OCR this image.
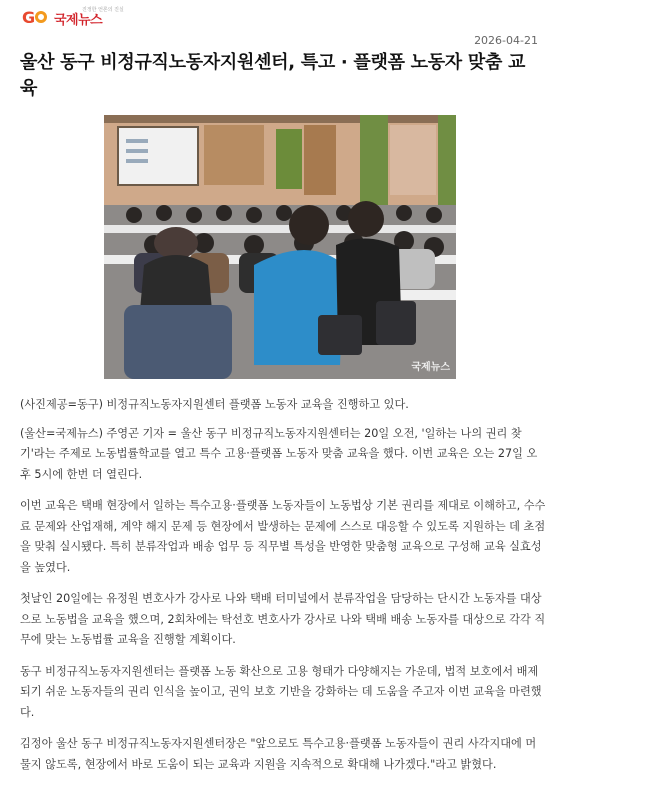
G 국제뉴스
진정한 언론의 진실
2026-04-21
울산 동구 비정규직노동자지원센터, 특고 · 플랫폼 노동자 맞춤 교육
국제뉴스

(사진제공=동구) 비정규직노동자지원센터 플랫폼 노동자 교육을 진행하고 있다.

(울산=국제뉴스) 주영곤 기자 = 울산 동구 비정규직노동자지원센터는 20일 오전, '일하는 나의 권리 찾기'라는 주제로 노동법률학교를 열고 특수 고용·플랫폼 노동자 맞춤 교육을 했다. 이번 교육은 오는 27일 오후 5시에 한번 더 열린다.

이번 교육은 택배 현장에서 일하는 특수고용·플랫폼 노동자들이 노동법상 기본 권리를 제대로 이해하고, 수수료 문제와 산업재해, 계약 해지 문제 등 현장에서 발생하는 문제에 스스로 대응할 수 있도록 지원하는 데 초점을 맞춰 실시됐다. 특히 분류작업과 배송 업무 등 직무별 특성을 반영한 맞춤형 교육으로 구성해 교육 실효성을 높였다.

첫날인 20일에는 유정원 변호사가 강사로 나와 택배 터미널에서 분류작업을 담당하는 단시간 노동자를 대상으로 노동법을 교육을 했으며, 2회차에는 탁선호 변호사가 강사로 나와 택배 배송 노동자를 대상으로 각각 직무에 맞는 노동법률 교육을 진행할 계획이다.

동구 비정규직노동자지원센터는 플랫폼 노동 확산으로 고용 형태가 다양해지는 가운데, 법적 보호에서 배제되기 쉬운 노동자들의 권리 인식을 높이고, 권익 보호 기반을 강화하는 데 도움을 주고자 이번 교육을 마련했다.

김정아 울산 동구 비정규직노동자지원센터장은 "앞으로도 특수고용·플랫폼 노동자들이 권리 사각지대에 머물지 않도록, 현장에서 바로 도움이 되는 교육과 지원을 지속적으로 확대해 나가겠다."라고 밝혔다.
